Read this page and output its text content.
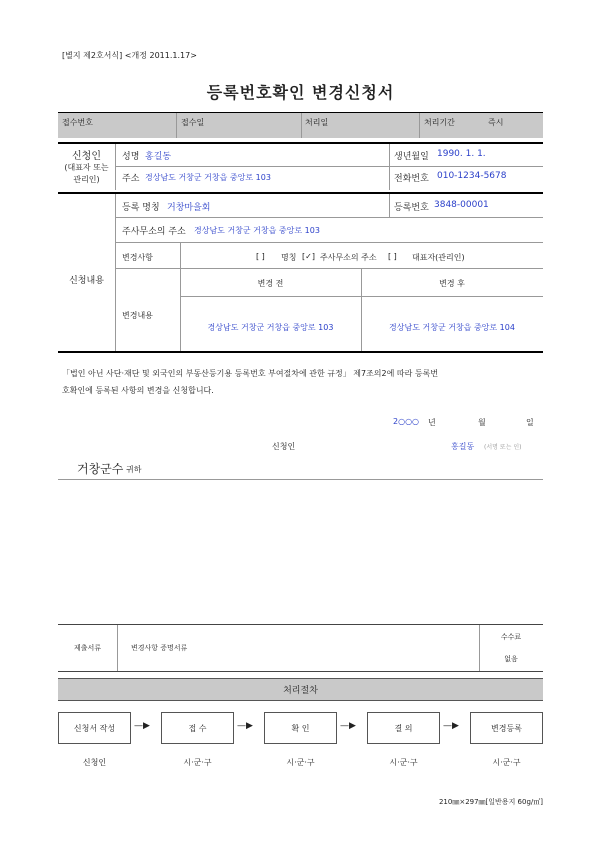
[별지 제2호서식] <개정 2011.1.17>
등록번호확인 변경신청서
접수번호	접수일	처리일	처리기간	즉시
신청인
(대표자 또는
관리인)
성명 홍길동	생년월일 1990. 1. 1.
주소 경상남도 거창군 거창읍 중앙로 103	전화번호 010-1234-5678
신청내용
등록 명칭 거창마을회	등록번호 3848-00001
주사무소의 주소 경상남도 거창군 거창읍 중앙로 103
변경사항	[ ] 명칭 [✓] 주사무소의 주소 [ ] 대표자(관리인)
변경내용
변경 전	변경 후
경상남도 거창군 거창읍 중앙로 103	경상남도 거창군 거창읍 중앙로 104
「법인 아닌 사단·재단 및 외국인의 부동산등기용 등록번호 부여절차에 관한 규정」 제7조의2에 따라 등록번
호확인에 등록된 사항의 변경을 신청합니다.
2○○○ 년	월	일
신청인	홍길동 (서명 또는 인)
거창군수 귀하
제출서류	변경사항 증명서류
수수료
없음
처리절차
신청서 작성	접 수	확 인	결 의	변경등록
—▶	—▶	—▶	—▶
신청인	시·군·구	시·군·구	시·군·구	시·군·구
210㎜×297㎜[일반용지 60g/㎡]
